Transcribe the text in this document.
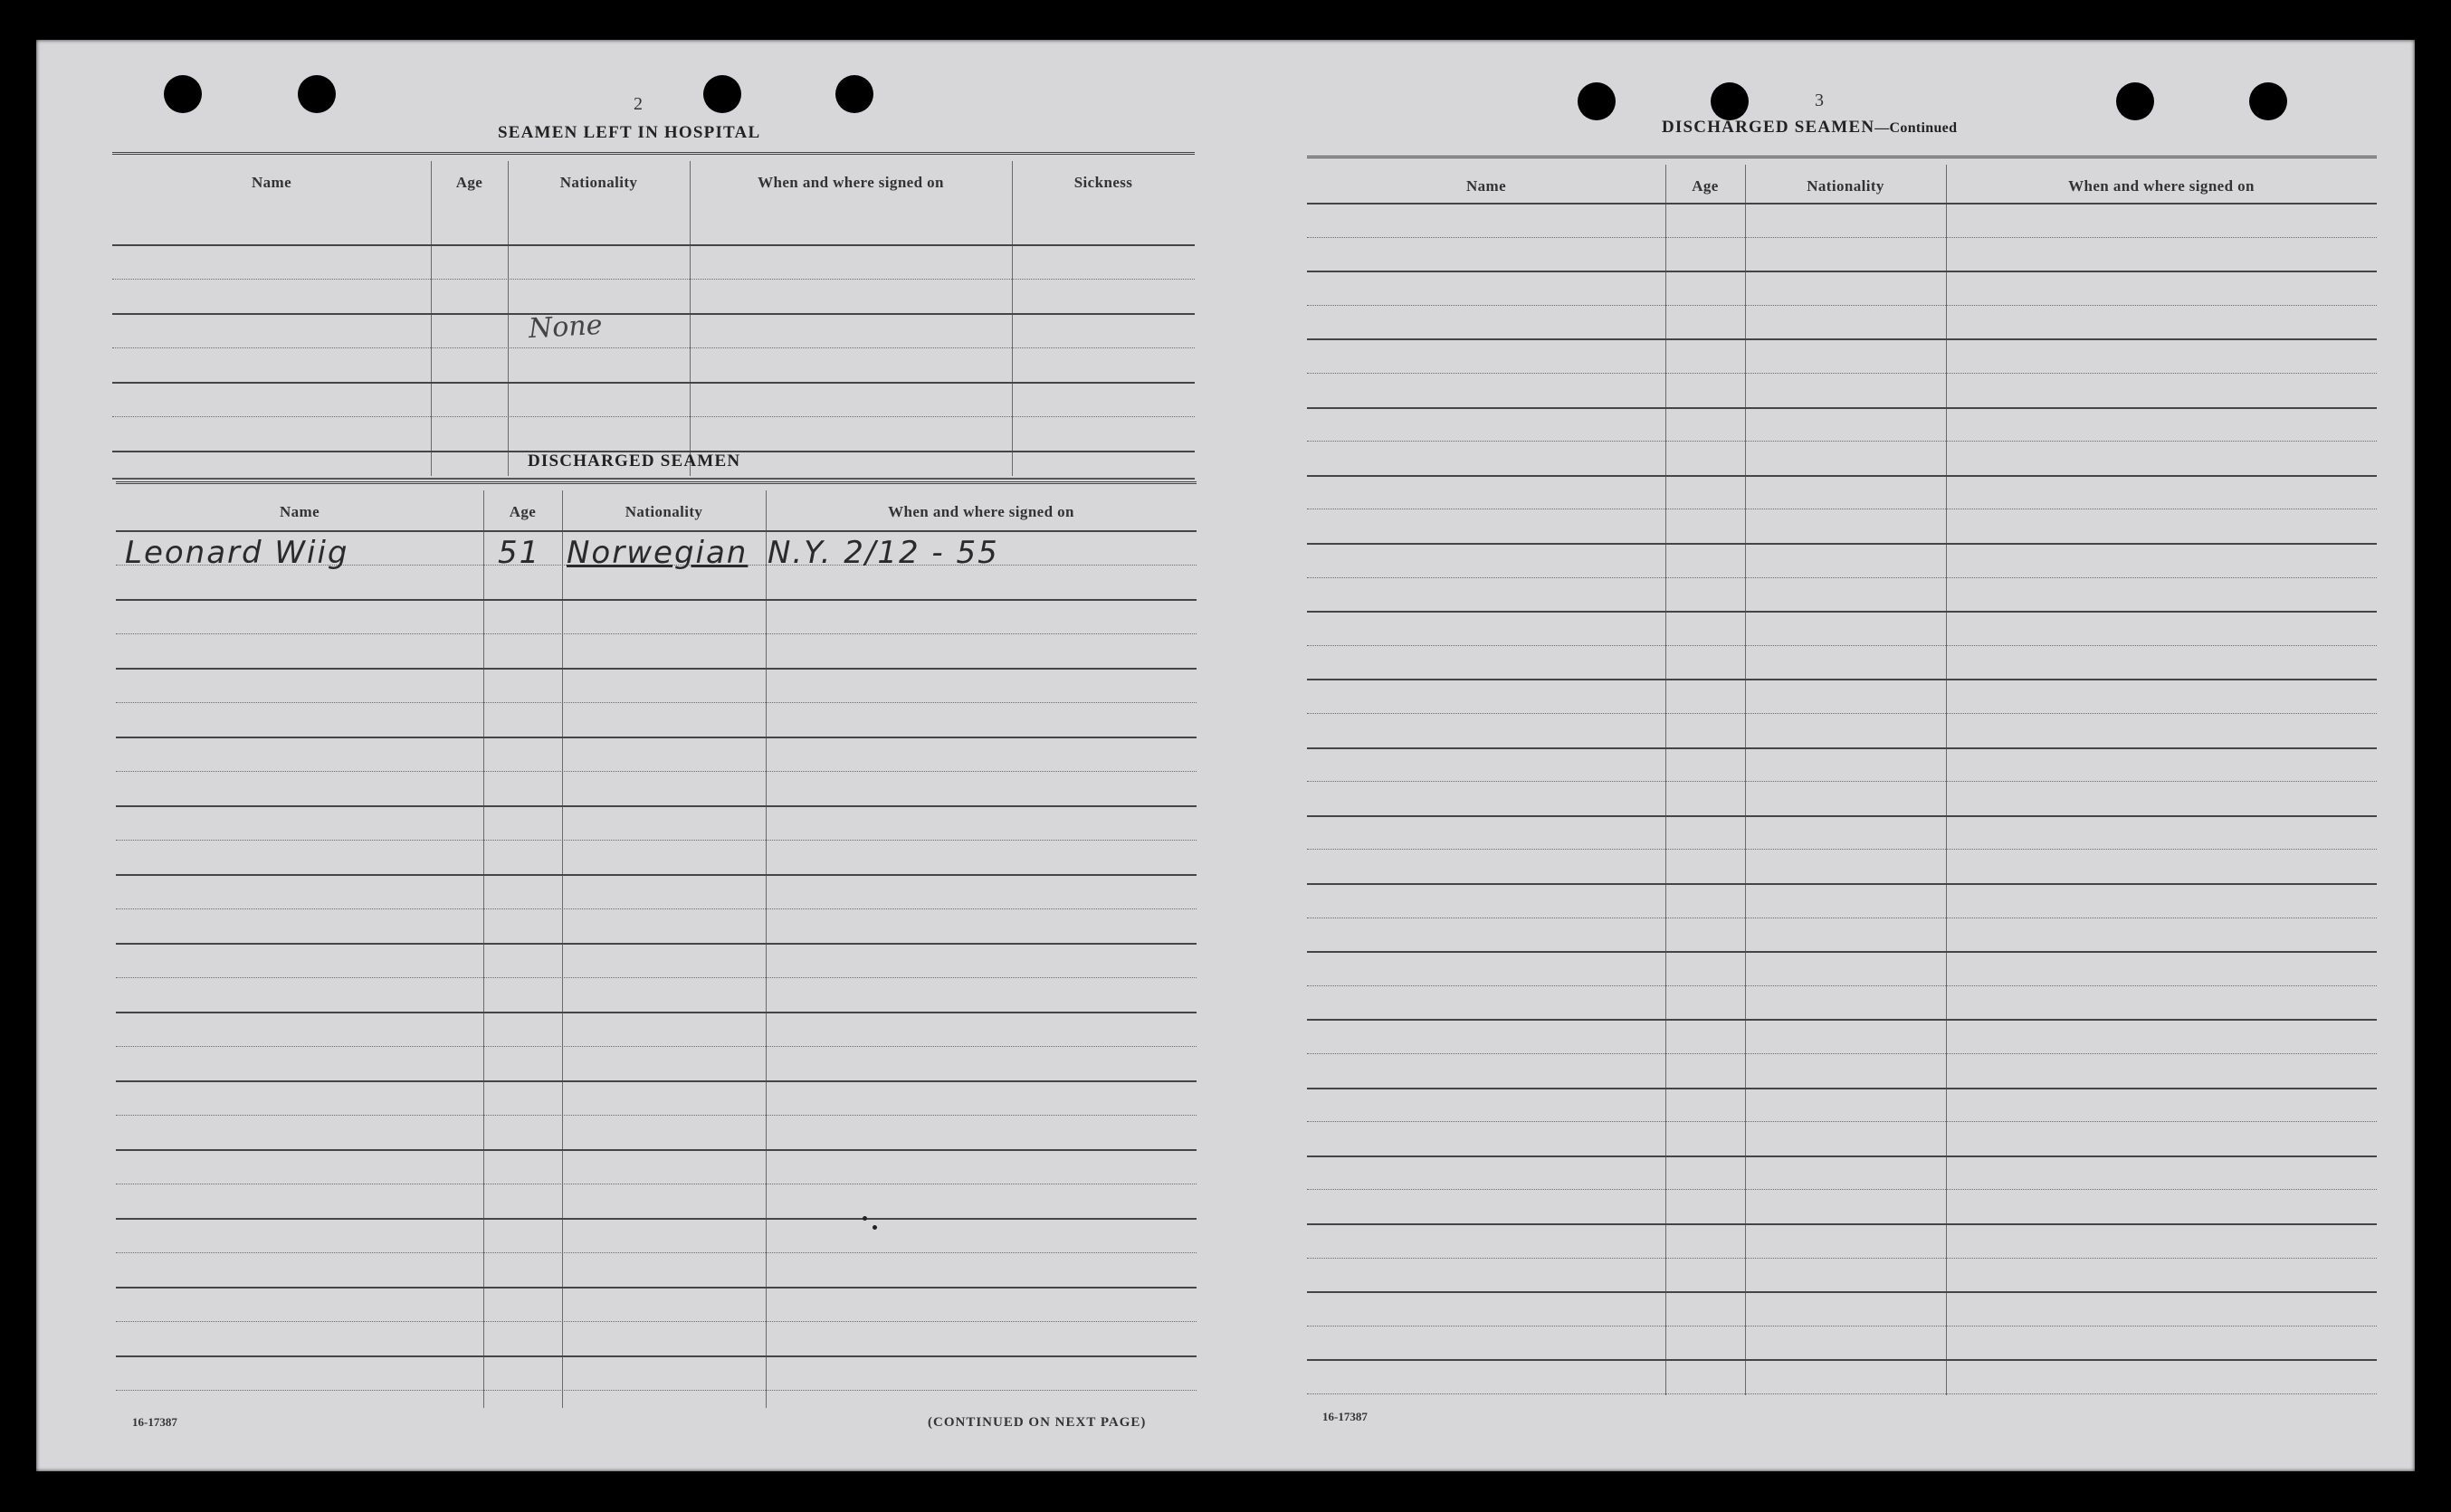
2
SEAMEN LEFT IN HOSPITAL
Name	Age	Nationality	When and where signed on	Sickness
None
DISCHARGED SEAMEN
Name	Age	Nationality	When and where signed on
Leonard Wiig	51 Norwegian N.Y. 2/12 - 55
16-17387	(CONTINUED ON NEXT PAGE)
3
DISCHARGED SEAMEN—Continued
Name	Age	Nationality	When and where signed on
16-17387
